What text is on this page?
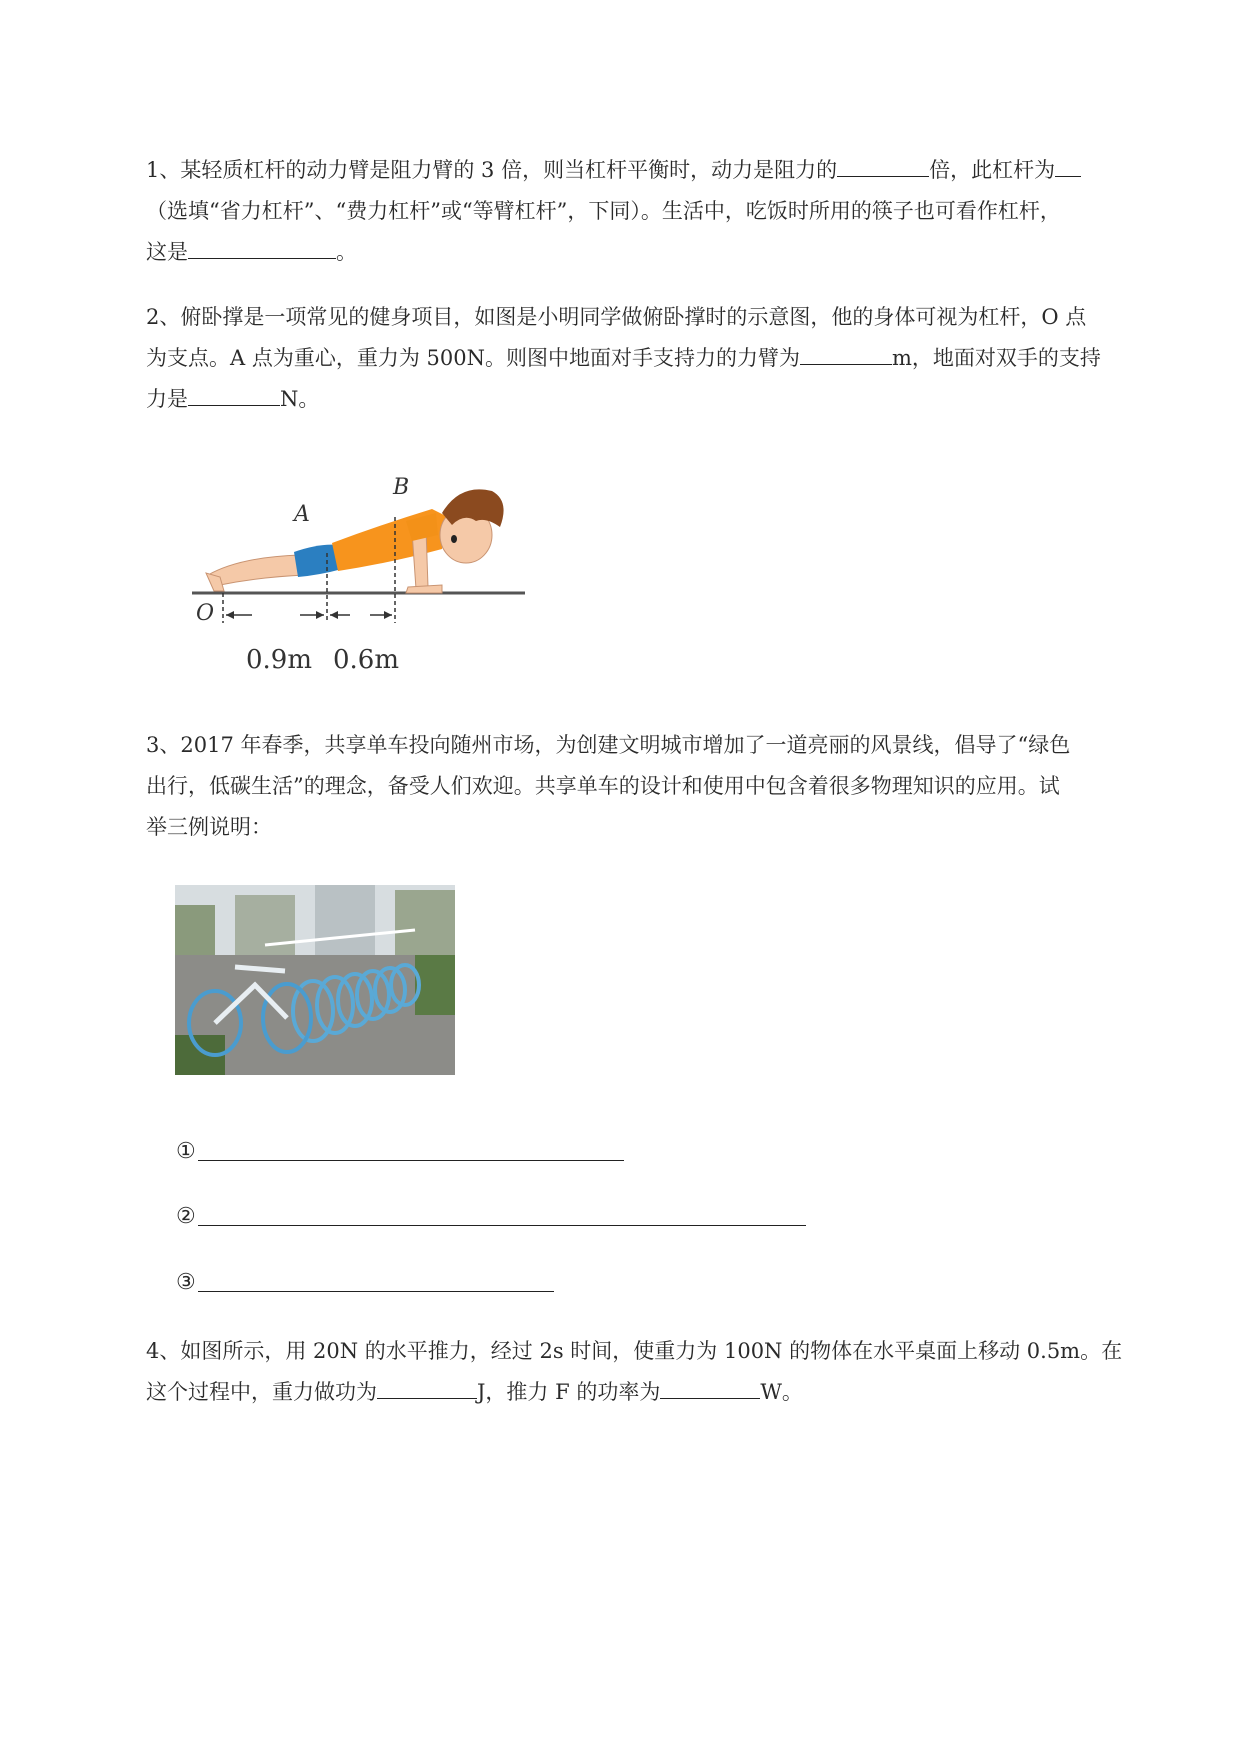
1、某轻质杠杆的动力臂是阻力臂的 3 倍，则当杠杆平衡时，动力是阻力的	倍，此杠杆为

（选填“省力杠杆”、“费力杠杆”或“等臂杠杆”，下同）。生活中，吃饭时所用的筷子也可看作杠杆，

这是	。

2、俯卧撑是一项常见的健身项目，如图是小明同学做俯卧撑时的示意图，他的身体可视为杠杆，O 点

为支点。A 点为重心，重力为 500N。则图中地面对手支持力的力臂为	m，地面对双手的支持

力是	N。

B
A
O
0.9m 0.6m

3、2017 年春季，共享单车投向随州市场，为创建文明城市增加了一道亮丽的风景线，倡导了“绿色

出行，低碳生活”的理念，备受人们欢迎。共享单车的设计和使用中包含着很多物理知识的应用。试

举三例说明：

①
②
③

4、如图所示，用 20N 的水平推力，经过 2s 时间，使重力为 100N 的物体在水平桌面上移动 0.5m。在

这个过程中，重力做功为	J，推力 F 的功率为	W。
